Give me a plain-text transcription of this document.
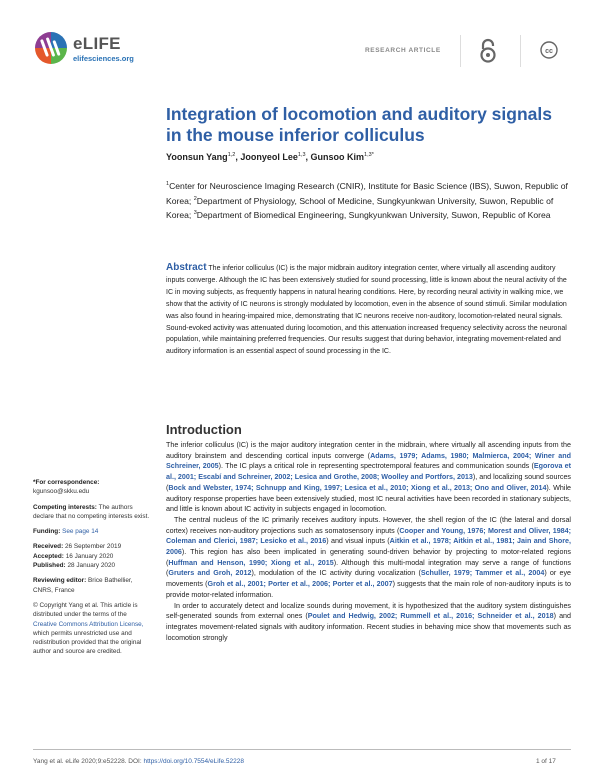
eLIFE
elifesciences.org
RESEARCH ARTICLE	cc
Integration of locomotion and auditory signals in the mouse inferior colliculus
Yoonsun Yang$^{1,2}$, Joonyeol Lee$^{1,3}$, Gunsoo Kim$^{1,3*}$
$^1$Center for Neuroscience Imaging Research (CNIR), Institute for Basic Science (IBS), Suwon, Republic of Korea; $^2$Department of Physiology, School of Medicine, Sungkyunkwan University, Suwon, Republic of Korea; $^3$Department of Biomedical Engineering, Sungkyunkwan University, Suwon, Republic of Korea
Abstract The inferior colliculus (IC) is the major midbrain auditory integration center, where virtually all ascending auditory inputs converge. Although the IC has been extensively studied for sound processing, little is known about the neural activity of the IC in moving subjects, as frequently happens in natural hearing conditions. Here, by recording neural activity in walking mice, we show that the activity of IC neurons is strongly modulated by locomotion, even in the absence of sound stimuli. Similar modulation was also found in hearing-impaired mice, demonstrating that IC neurons receive non-auditory, locomotion-related neural signals. Sound-evoked activity was attenuated during locomotion, and this attenuation increased frequency selectivity across the neuronal population, while maintaining preferred frequencies. Our results suggest that during behavior, integrating movement-related and auditory information is an essential aspect of sound processing in the IC.
Introduction

The inferior colliculus (IC) is the major auditory integration center in the midbrain, where virtually all ascending inputs from the auditory brainstem and descending cortical inputs converge (Adams, 1979; Adams, 1980; Malmierca, 2004; Winer and Schreiner, 2005). The IC plays a critical role in representing spectrotemporal features and communication sounds (Egorova et al., 2001; Escabí and Schreiner, 2002; Lesica and Grothe, 2008; Woolley and Portfors, 2013), and localizing sound sources (Bock and Webster, 1974; Schnupp and King, 1997; Lesica et al., 2010; Xiong et al., 2013; Ono and Oliver, 2014). While auditory response properties have been extensively studied, most IC neural activities have been recorded in stationary subjects, and little is known about IC activity in subjects engaged in locomotion.

The central nucleus of the IC primarily receives auditory inputs. However, the shell region of the IC (the lateral and dorsal cortex) receives non-auditory projections such as somatosensory inputs (Cooper and Young, 1976; Morest and Oliver, 1984; Coleman and Clerici, 1987; Lesicko et al., 2016) and visual inputs (Aitkin et al., 1978; Aitkin et al., 1981; Jain and Shore, 2006). This region has also been implicated in generating sound-driven behavior by projecting to motor-related regions (Huffman and Henson, 1990; Xiong et al., 2015). Although this multi-modal integration may serve a range of functions (Gruters and Groh, 2012), modulation of the IC activity during vocalization (Schuller, 1979; Tammer et al., 2004) or eye movements (Groh et al., 2001; Porter et al., 2006; Porter et al., 2007) suggests that the main role of non-auditory inputs is to provide motor-related information.

In order to accurately detect and localize sounds during movement, it is hypothesized that the auditory system distinguishes self-generated sounds from external ones (Poulet and Hedwig, 2002; Rummell et al., 2016; Schneider et al., 2018) and integrates movement-related signals with auditory information. Recent studies in behaving mice show that movements such as locomotion strongly

*For correspondence:
kgunsoo@skku.edu
Competing interests: The authors declare that no competing interests exist.
Funding: See page 14
Received: 26 September 2019
Accepted: 16 January 2020
Published: 28 January 2020
Reviewing editor: Brice Bathellier, CNRS, France
© Copyright Yang et al. This article is distributed under the terms of the Creative Commons Attribution License, which permits unrestricted use and redistribution provided that the original author and source are credited.
Yang et al. eLife 2020;9:e52228. DOI: https://doi.org/10.7554/eLife.52228	1 of 17
